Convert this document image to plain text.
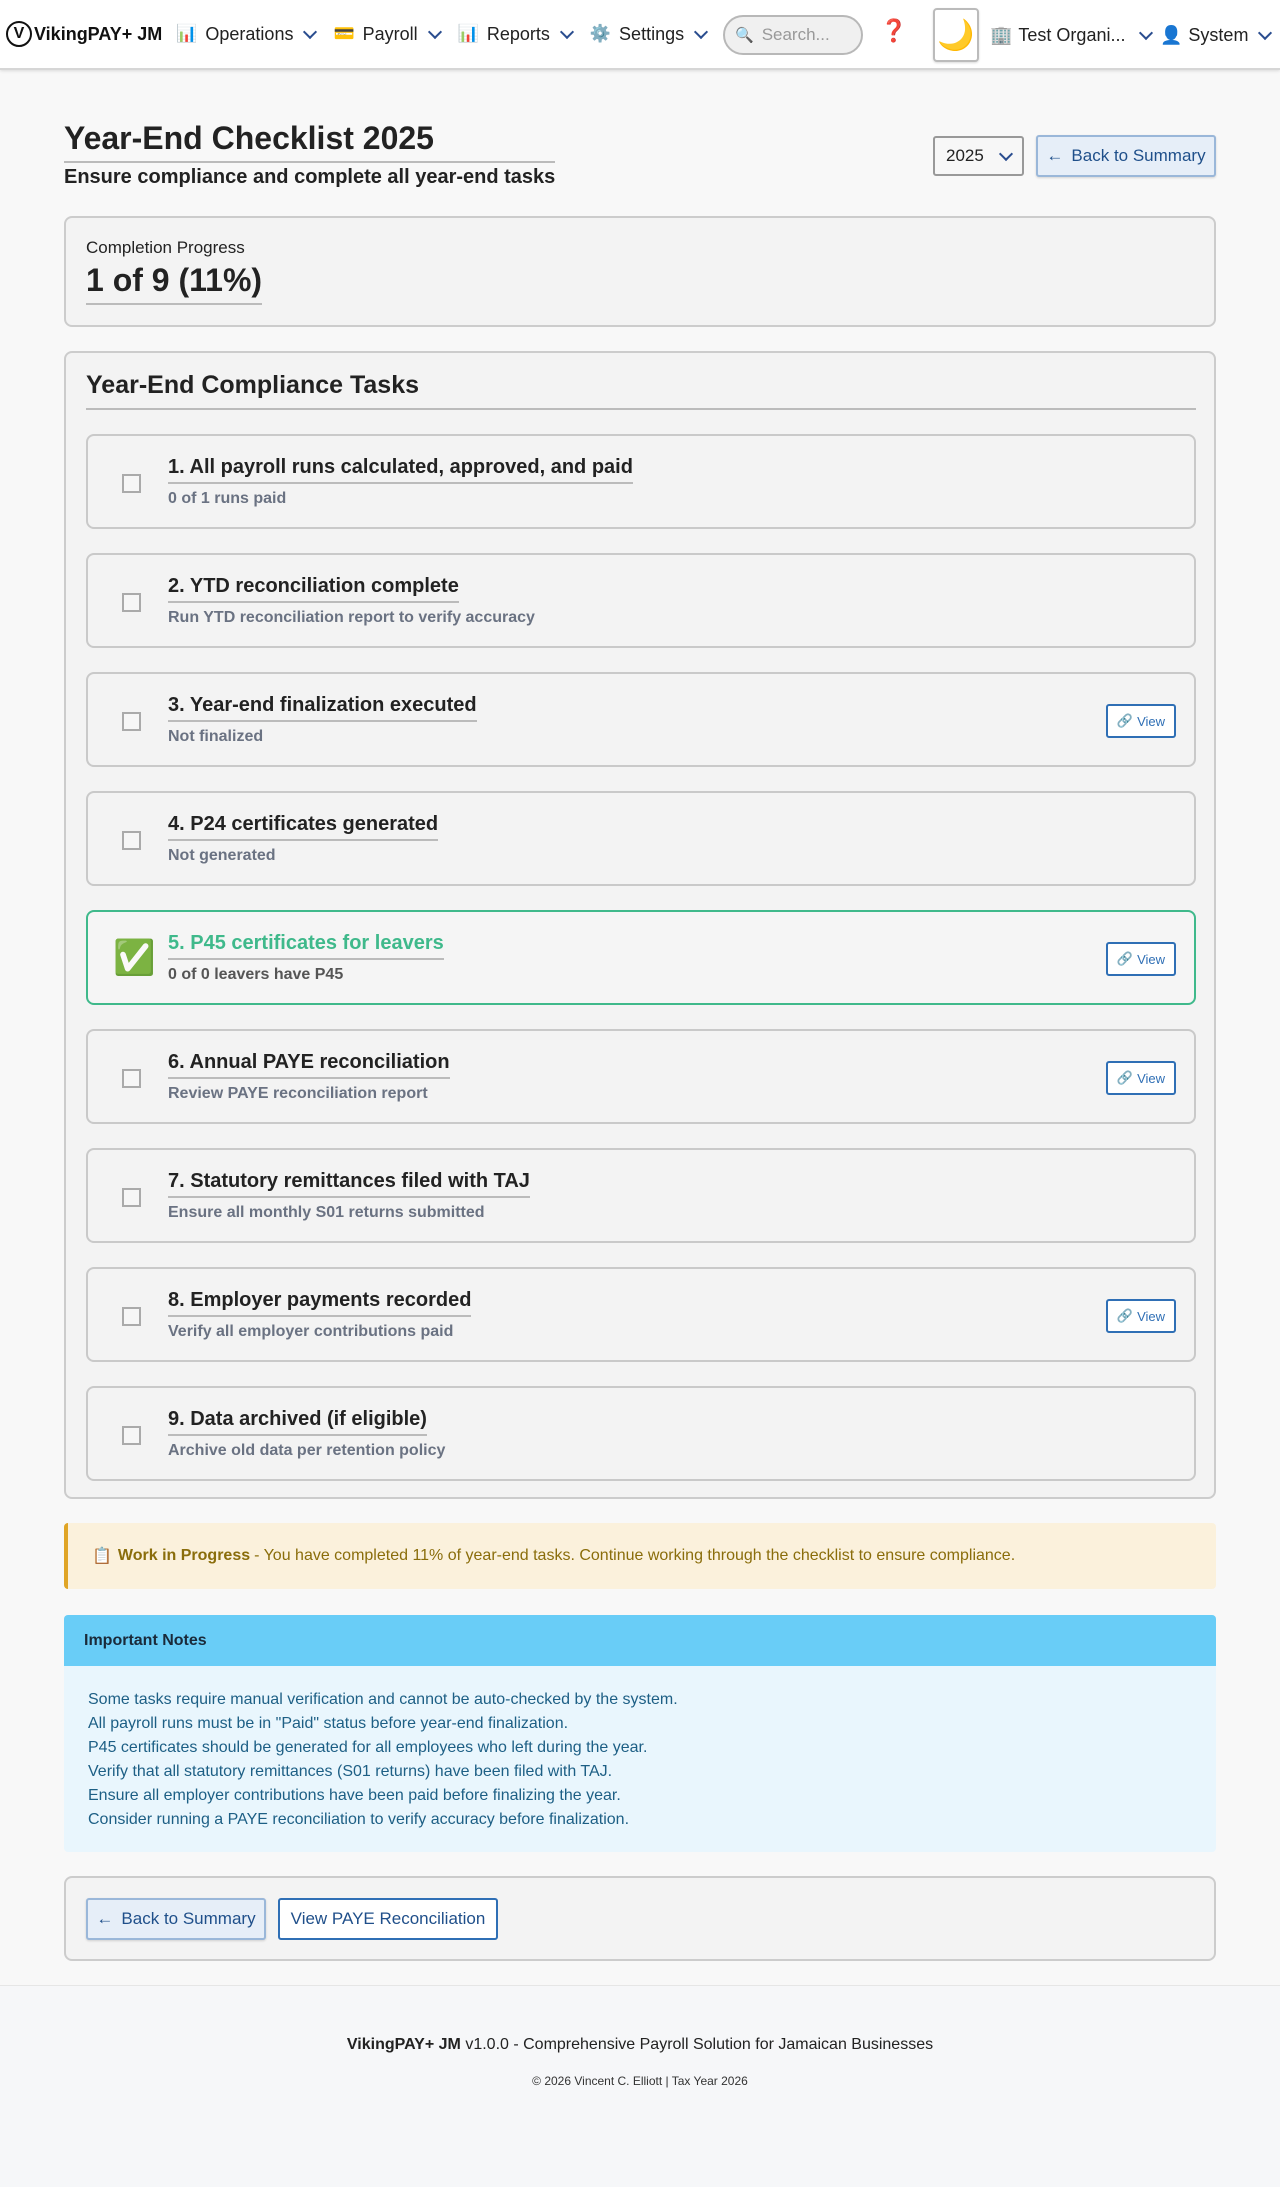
V VikingPAY+ JM 📊 Operations 💳 Payroll 📊 Reports ⚙️ Settings	🔍
Search...	❓ 🌙 🏢 Test Organi... 👤 System
Year-End Checklist 2025
Ensure compliance and complete all year-end tasks
2025	← Back to Summary
Completion Progress
1 of 9 (11%)
Year-End Compliance Tasks
1. All payroll runs calculated, approved, and paid
0 of 1 runs paid
2. YTD reconciliation complete
Run YTD reconciliation report to verify accuracy
3. Year-end finalization executed
Not finalized
🔗 View
4. P24 certificates generated
Not generated
✅ 5. P45 certificates for leavers
0 of 0 leavers have P45
🔗 View
6. Annual PAYE reconciliation
Review PAYE reconciliation report
🔗 View
7. Statutory remittances filed with TAJ
Ensure all monthly S01 returns submitted
8. Employer payments recorded
Verify all employer contributions paid
🔗 View
9. Data archived (if eligible)
Archive old data per retention policy
📋 Work in Progress - You have completed 11% of year-end tasks. Continue working through the checklist to ensure compliance.
Important Notes
Some tasks require manual verification and cannot be auto-checked by the system.
All payroll runs must be in "Paid" status before year-end finalization.
P45 certificates should be generated for all employees who left during the year.
Verify that all statutory remittances (S01 returns) have been filed with TAJ.
Ensure all employer contributions have been paid before finalizing the year.
Consider running a PAYE reconciliation to verify accuracy before finalization.
← Back to Summary	View PAYE Reconciliation
VikingPAY+ JM v1.0.0 - Comprehensive Payroll Solution for Jamaican Businesses
© 2026 Vincent C. Elliott | Tax Year 2026
